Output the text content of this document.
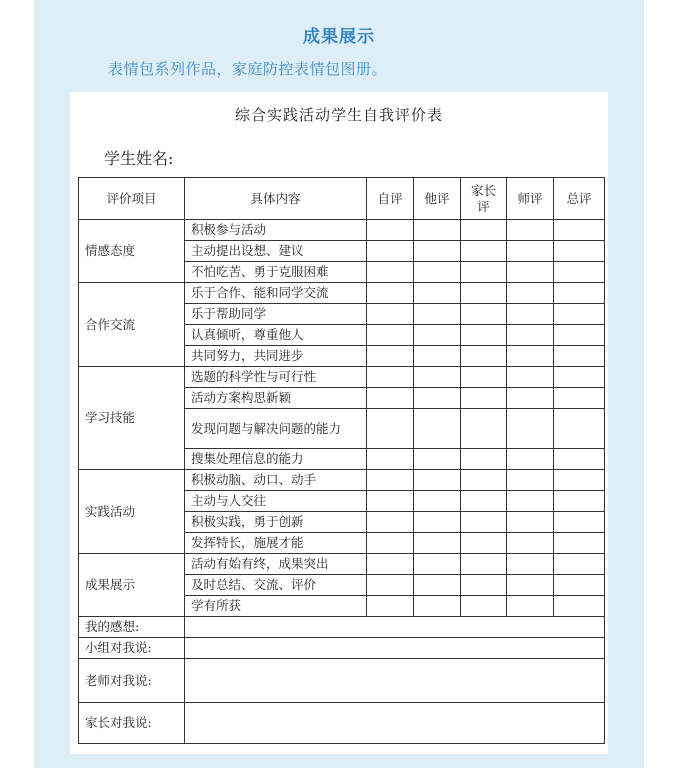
成果展示
表情包系列作品，家庭防控表情包图册。
综合实践活动学生自我评价表
学生姓名:
评价项目	具体内容	自评	他评	家长评	师评	总评
情感态度	积极参与活动					
	主动提出设想、建议					
	不怕吃苦、勇于克服困难					
合作交流	乐于合作、能和同学交流					
	乐于帮助同学					
	认真倾听，尊重他人					
	共同努力，共同进步					
学习技能	选题的科学性与可行性					
	活动方案构思新颖					
	发现问题与解决问题的能力					
	搜集处理信息的能力					
实践活动	积极动脑、动口、动手					
	主动与人交往					
	积极实践，勇于创新					
	发挥特长，施展才能					
成果展示	活动有始有终，成果突出					
	及时总结、交流、评价					
	学有所获					
我的感想:						
小组对我说:						
老师对我说:						
家长对我说:						
